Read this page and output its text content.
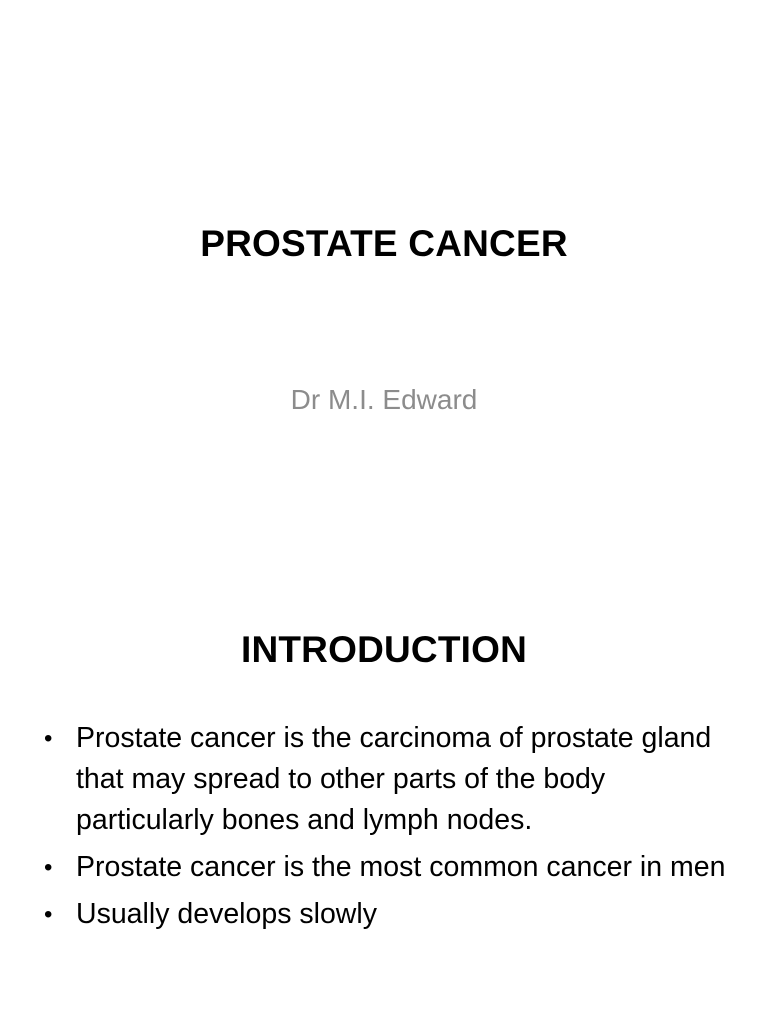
PROSTATE CANCER

Dr M.I. Edward

INTRODUCTION
• Prostate cancer is the carcinoma of prostate gland that may spread to other parts of the body particularly bones and lymph nodes.
• Prostate cancer is the most common cancer in men
• Usually develops slowly
